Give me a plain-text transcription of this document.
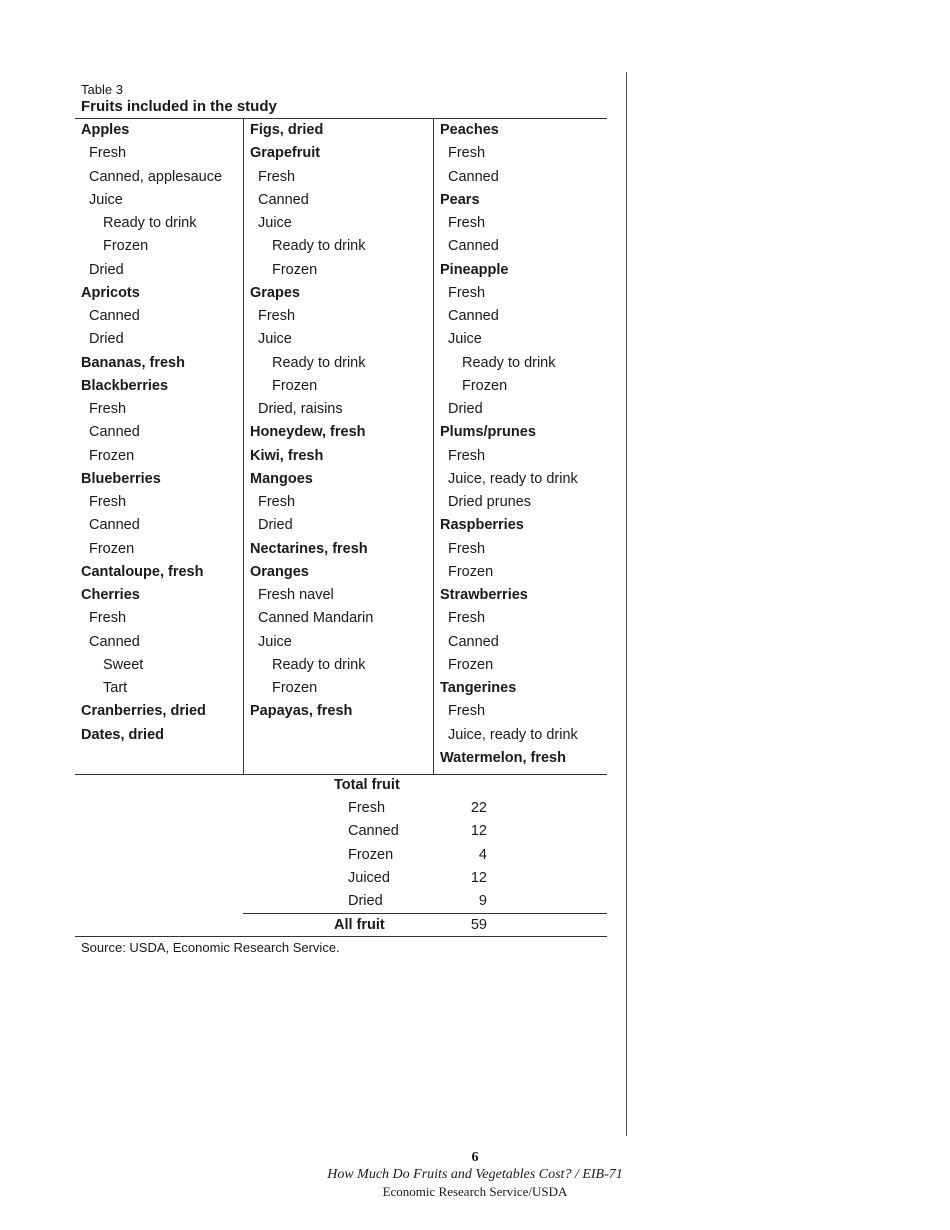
Table 3
Fruits included in the study
Apples
Fresh
Canned, applesauce
Juice
Ready to drink
Frozen
Dried
Apricots
Canned
Dried
Bananas, fresh
Blackberries
Fresh
Canned
Frozen
Blueberries
Fresh
Canned
Frozen
Cantaloupe, fresh
Cherries
Fresh
Canned
Sweet
Tart
Cranberries, dried
Dates, dried
Figs, dried
Grapefruit
Fresh
Canned
Juice
Ready to drink
Frozen
Grapes
Fresh
Juice
Ready to drink
Frozen
Dried, raisins
Honeydew, fresh
Kiwi, fresh
Mangoes
Fresh
Dried
Nectarines, fresh
Oranges
Fresh navel
Canned Mandarin
Juice
Ready to drink
Frozen
Papayas, fresh
Peaches
Fresh
Canned
Pears
Fresh
Canned
Pineapple
Fresh
Canned
Juice
Ready to drink
Frozen
Dried
Plums/prunes
Fresh
Juice, ready to drink
Dried prunes
Raspberries
Fresh
Frozen
Strawberries
Fresh
Canned
Frozen
Tangerines
Fresh
Juice, ready to drink
Watermelon, fresh
Total fruit
Fresh	22
Canned	12
Frozen	4
Juiced	12
Dried	9
All fruit	59
Source: USDA, Economic Research Service.
6
How Much Do Fruits and Vegetables Cost? / EIB-71
Economic Research Service/USDA
